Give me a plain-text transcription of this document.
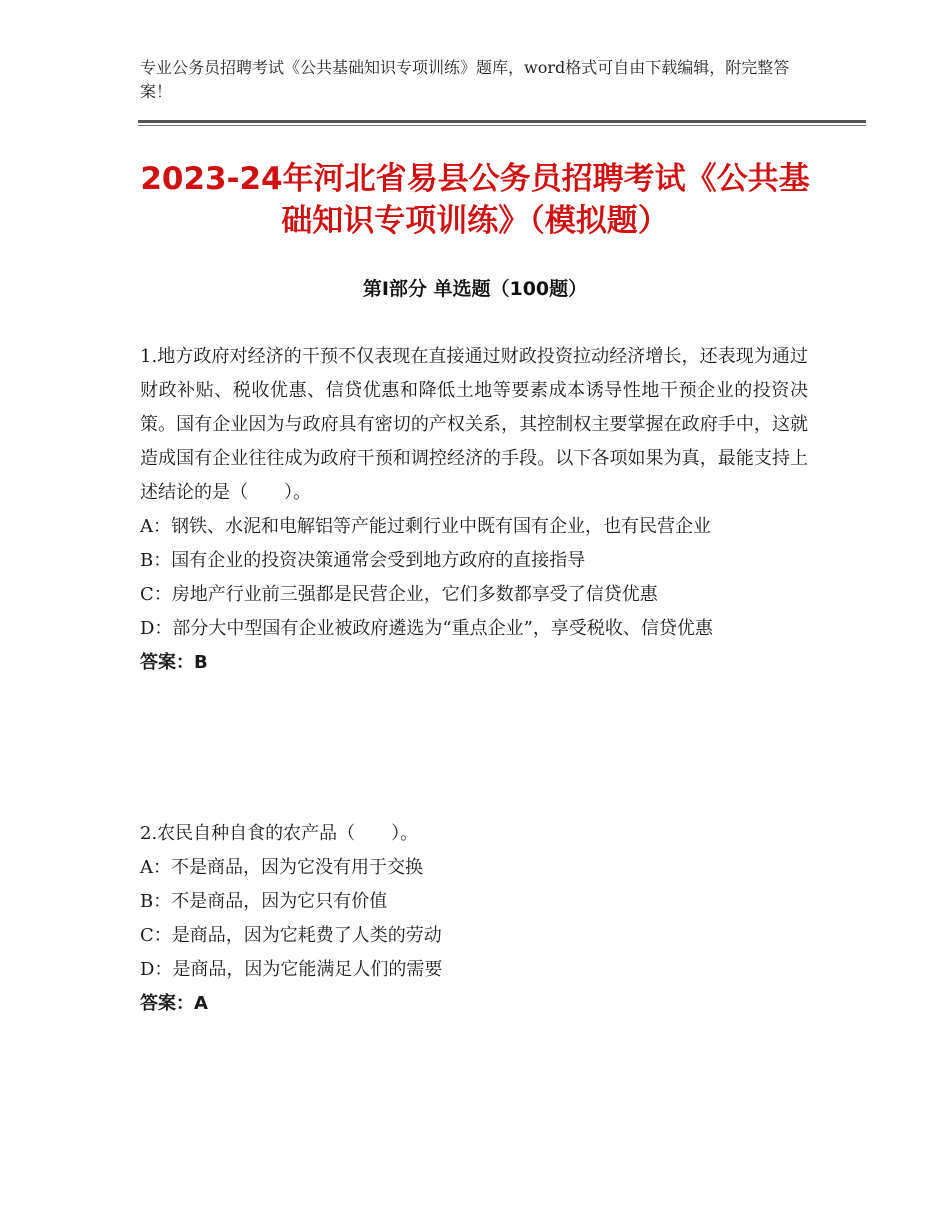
专业公务员招聘考试《公共基础知识专项训练》题库，word格式可自由下载编辑，附完整答案！
2023-24年河北省易县公务员招聘考试《公共基础知识专项训练》（模拟题）
第Ⅰ部分 单选题（100题）

1.地方政府对经济的干预不仅表现在直接通过财政投资拉动经济增长，还表现为通过财政补贴、税收优惠、信贷优惠和降低土地等要素成本诱导性地干预企业的投资决策。国有企业因为与政府具有密切的产权关系，其控制权主要掌握在政府手中，这就造成国有企业往往成为政府干预和调控经济的手段。以下各项如果为真，最能支持上述结论的是（　　）。

A：钢铁、水泥和电解铝等产能过剩行业中既有国有企业，也有民营企业

B：国有企业的投资决策通常会受到地方政府的直接指导

C：房地产行业前三强都是民营企业，它们多数都享受了信贷优惠

D：部分大中型国有企业被政府遴选为“重点企业”，享受税收、信贷优惠

答案：B

2.农民自种自食的农产品（　　）。

A：不是商品，因为它没有用于交换

B：不是商品，因为它只有价值

C：是商品，因为它耗费了人类的劳动

D：是商品，因为它能满足人们的需要

答案：A
